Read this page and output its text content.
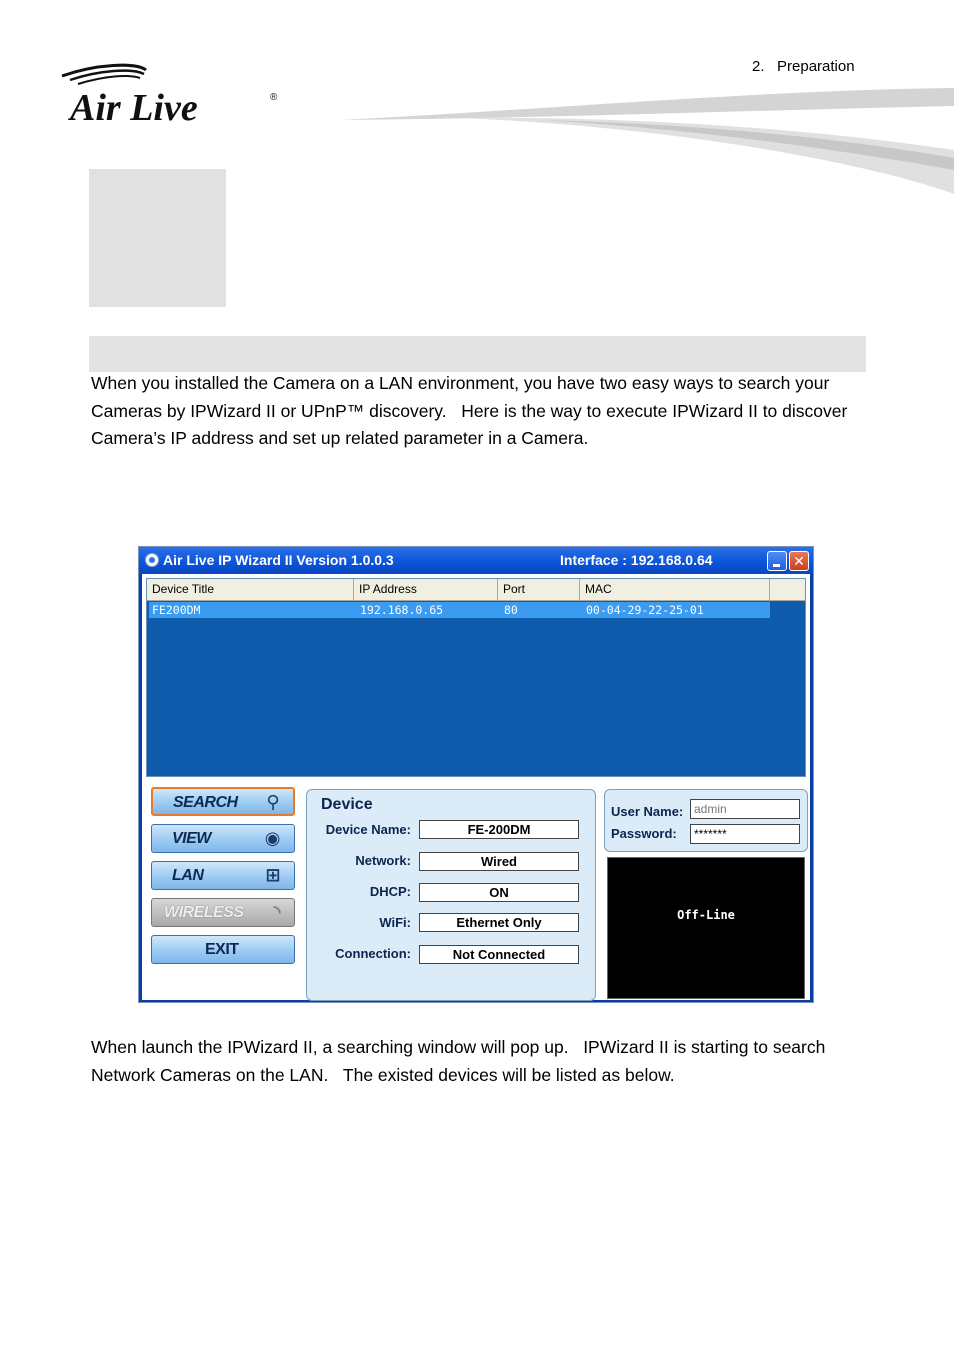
2.   Preparation
Air Live	®

When you installed the Camera on a LAN environment, you have two easy ways to search your Cameras by IPWizard II or UPnP™ discovery.   Here is the way to execute IPWizard II to discover Camera’s IP address and set up related parameter in a Camera.

Air Live IP Wizard II Version 1.0.0.3	Interface : 192.168.0.64	✕
Device Title	IP Address	Port	MAC
FE200DM	192.168.0.65	80	00-04-29-22-25-01
SEARCH ⚲
VIEW	◉
LAN	⊞
WIRELESS ◝
EXIT
Device
Device Name:	FE-200DM
Network:	Wired
DHCP:	ON
WiFi:	Ethernet Only
Connection:	Not Connected
User Name: admin
Password:	*******
Off-Line

When launch the IPWizard II, a searching window will pop up.   IPWizard II is starting to search Network Cameras on the LAN.   The existed devices will be listed as below.
